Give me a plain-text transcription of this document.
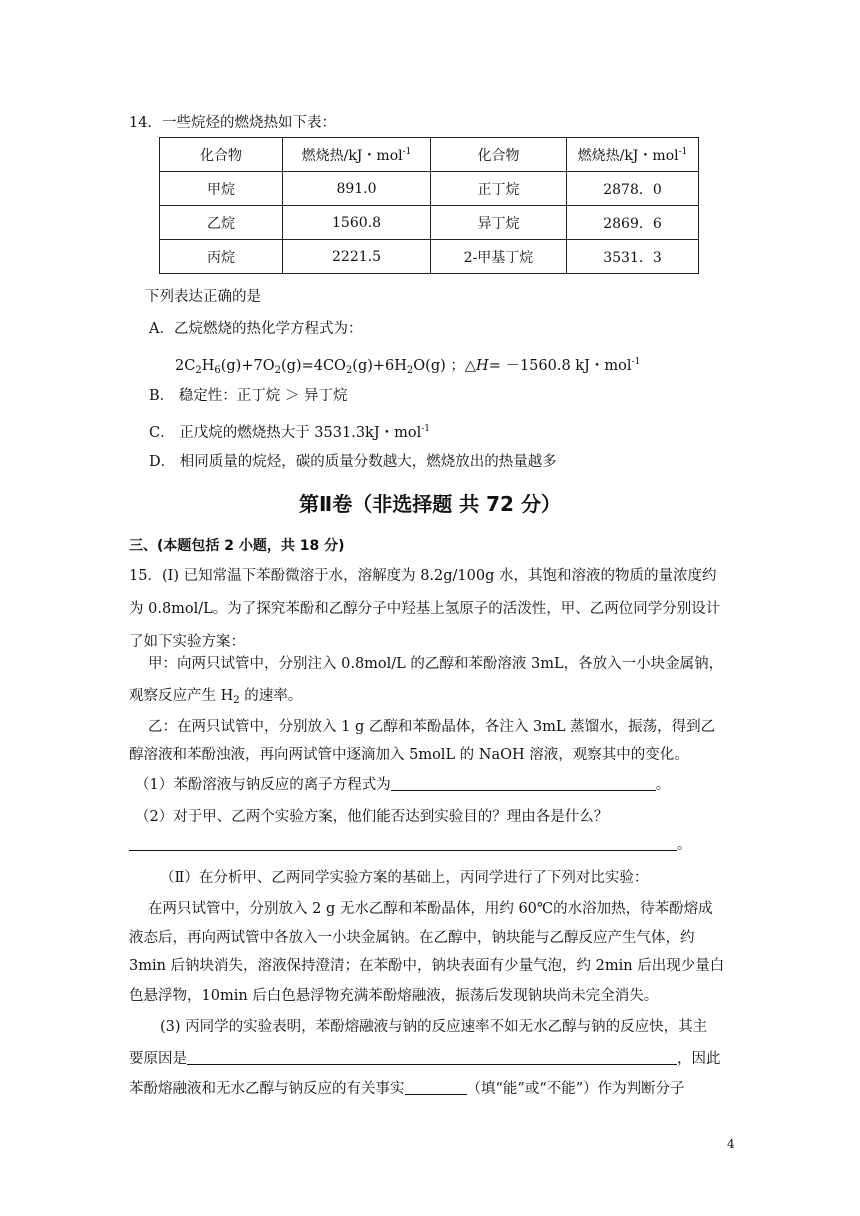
14．一些烷烃的燃烧热如下表：
化合物	燃烧热/kJ・mol$^{-1}$	化合物	燃烧热/kJ・mol$^{-1}$
甲烷	891.0	正丁烷	2878．0
乙烷	1560.8	异丁烷	2869．6
丙烷	2221.5	2-甲基丁烷	3531．3
下列表达正确的是
A．乙烷燃烧的热化学方程式为：
$2C_2H_6(g)+7O_2(g)=4CO_2(g)+6H_2O(g)$ ；△H= －1560.8 kJ・mol$^{-1}$
B． 稳定性：正丁烷 ＞ 异丁烷
C． 正戊烷的燃烧热大于 3531.3kJ・mol$^{-1}$
D． 相同质量的烷烃，碳的质量分数越大，燃烧放出的热量越多
第Ⅱ卷（非选择题 共 72 分）
三、(本题包括 2 小题，共 18 分)
15．(Ⅰ) 已知常温下苯酚微溶于水，溶解度为 8.2g/100g 水，其饱和溶液的物质的量浓度约
为 0.8mol/L。为了探究苯酚和乙醇分子中羟基上氢原子的活泼性，甲、乙两位同学分别设计
了如下实验方案：
甲：向两只试管中，分别注入 0.8mol/L 的乙醇和苯酚溶液 3mL，各放入一小块金属钠，
观察反应产生 $H_2$ 的速率。
乙：在两只试管中，分别放入 1 g 乙醇和苯酚晶体，各注入 3mL 蒸馏水，振荡，得到乙
醇溶液和苯酚浊液，再向两试管中逐滴加入 5molL 的 NaOH 溶液，观察其中的变化。
（1）苯酚溶液与钠反应的离子方程式为	。
（2）对于甲、乙两个实验方案，他们能否达到实验目的？理由各是什么？
。
（Ⅱ）在分析甲、乙两同学实验方案的基础上，丙同学进行了下列对比实验：
在两只试管中，分别放入 2 g 无水乙醇和苯酚晶体，用约 60℃的水浴加热，待苯酚熔成
液态后，再向两试管中各放入一小块金属钠。在乙醇中，钠块能与乙醇反应产生气体，约
3min 后钠块消失，溶液保持澄清；在苯酚中，钠块表面有少量气泡，约 2min 后出现少量白
色悬浮物，10min 后白色悬浮物充满苯酚熔融液，振荡后发现钠块尚未完全消失。
(3) 丙同学的实验表明，苯酚熔融液与钠的反应速率不如无水乙醇与钠的反应快，其主
要原因是	，因此
苯酚熔融液和无水乙醇与钠反应的有关事实	（填“能”或“不能”）作为判断分子
4
